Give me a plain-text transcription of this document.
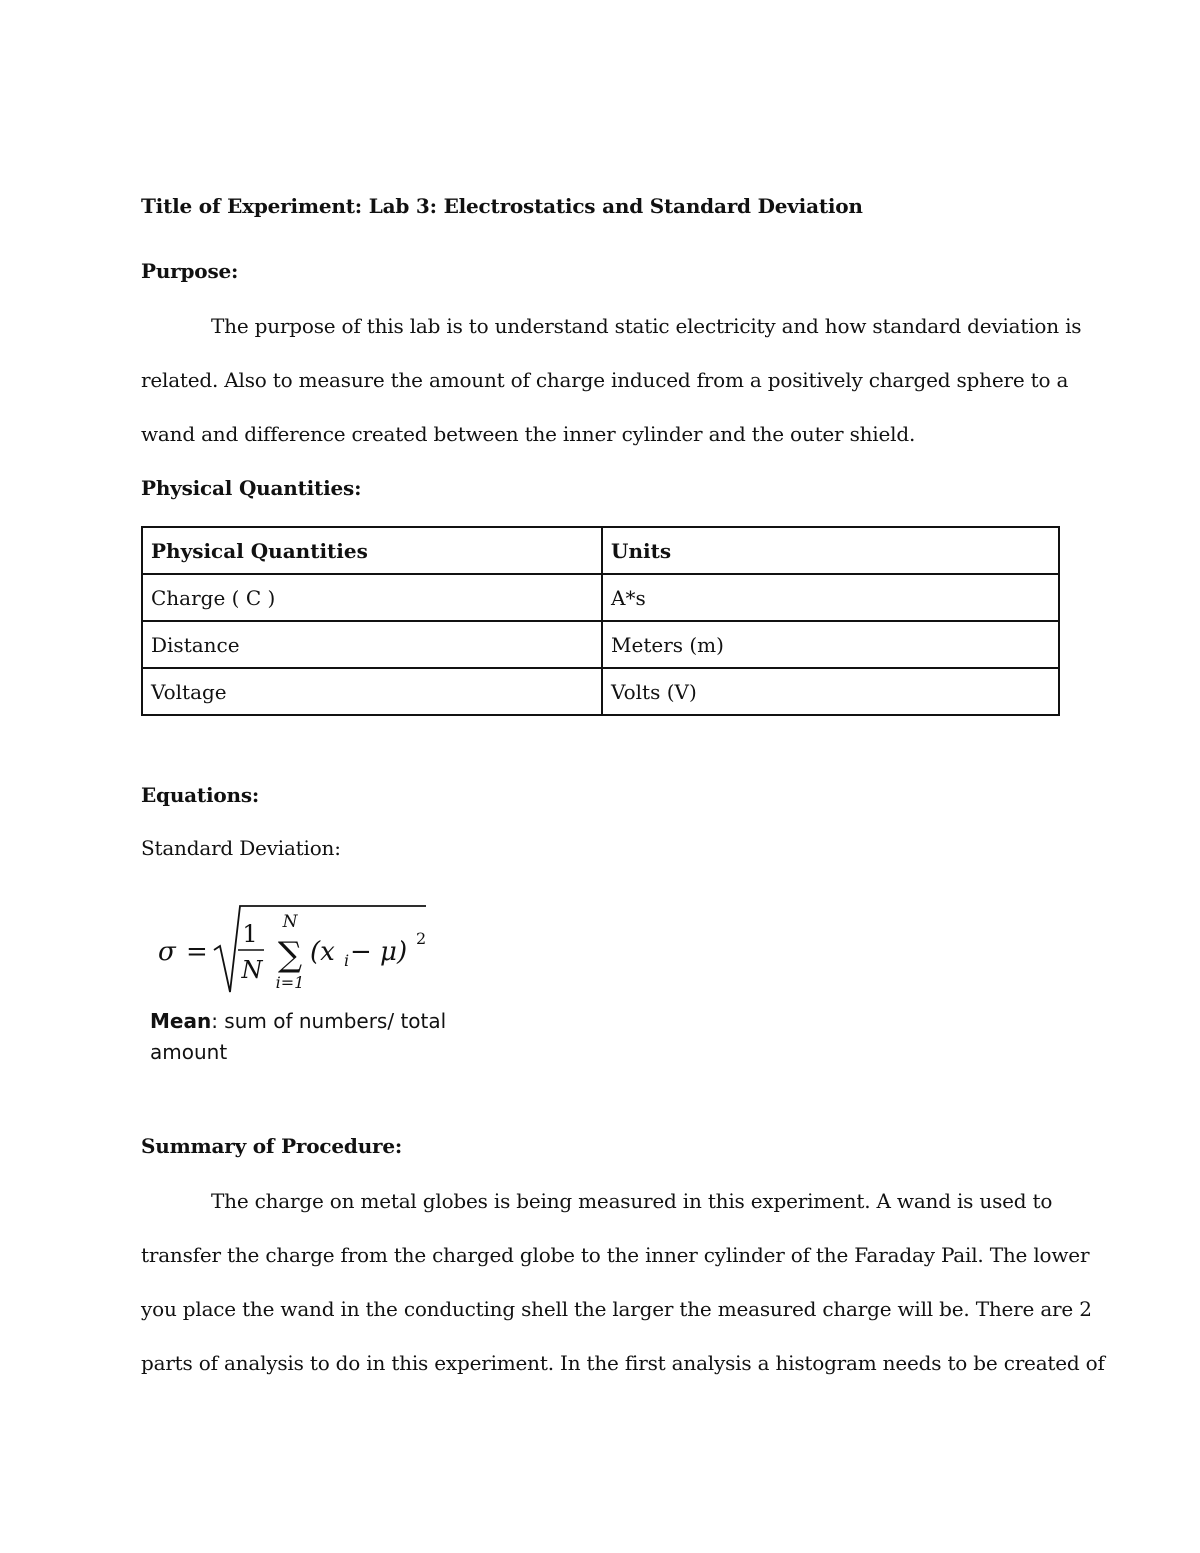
Title of Experiment: Lab 3: Electrostatics and Standard Deviation
Purpose:
The purpose of this lab is to understand static electricity and how standard deviation is
related. Also to measure the amount of charge induced from a positively charged sphere to a
wand and difference created between the inner cylinder and the outer shield.
Physical Quantities:
Physical Quantities	Units
Charge ( C )	A*s
Distance	Meters (m)
Voltage	Volts (V)
Equations:
Standard Deviation:
σ =
1
N
N
∑
i=1
(x i − μ) 2
Mean: sum of numbers/ total
amount
Summary of Procedure:
The charge on metal globes is being measured in this experiment. A wand is used to
transfer the charge from the charged globe to the inner cylinder of the Faraday Pail. The lower
you place the wand in the conducting shell the larger the measured charge will be. There are 2
parts of analysis to do in this experiment. In the first analysis a histogram needs to be created of
